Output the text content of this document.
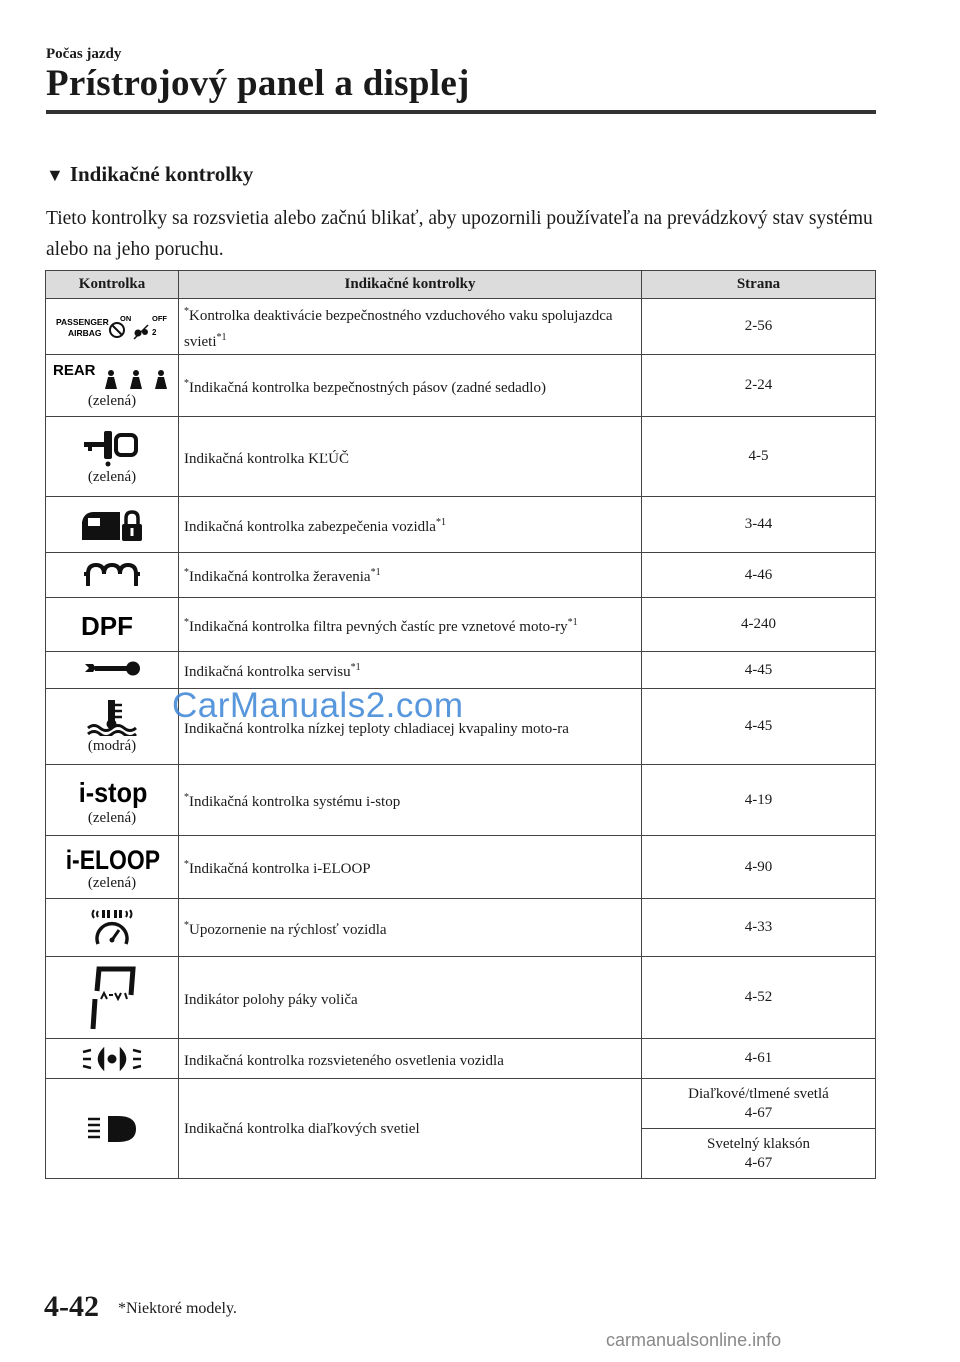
Počas jazdy
Prístrojový panel a displej
▼ Indikačné kontrolky
Tieto kontrolky sa rozsvietia alebo začnú blikať, aby upozornili používateľa na prevádzkový stav systému alebo na jeho poruchu.
Kontrolka	Indikačné kontrolky	Strana

PASSENGER
AIRBAG
ON OFF
2	*Kontrolka deaktivácie bezpečnostného vzduchového vaku spolujazdca svieti$^{*1}$	2-56

REAR
(zelená)	*Indikačná kontrolka bezpečnostných pásov (zadné sedadlo)	2-24

(zelená)	Indikačná kontrolka KĽÚČ	4-5

	Indikačná kontrolka zabezpečenia vozidla$^{*1}$	3-44

	*Indikačná kontrolka žeravenia$^{*1}$	4-46

DPF	*Indikačná kontrolka filtra pevných častíc pre vznetové moto-$ry^{*1}$	4-240

	Indikačná kontrolka servisu$^{*1}$	4-45

(modrá)	Indikačná kontrolka nízkej teploty chladiacej kvapaliny moto-ra	4-45

i-stop
(zelená)	*Indikačná kontrolka systému i-stop	4-19

i-ELOOP
(zelená)	*Indikačná kontrolka i-ELOOP	4-90

	*Upozornenie na rýchlosť vozidla	4-33

	Indikátor polohy páky voliča	4-52

	Indikačná kontrolka rozsvieteného osvetlenia vozidla	4-61

	Indikačná kontrolka diaľkových svetiel	Diaľkové/tlmené svetlá
4-67
		Svetelný klaksón
4-67
CarManuals2.com
4-42 *Niektoré modely.
carmanualsonline.info
